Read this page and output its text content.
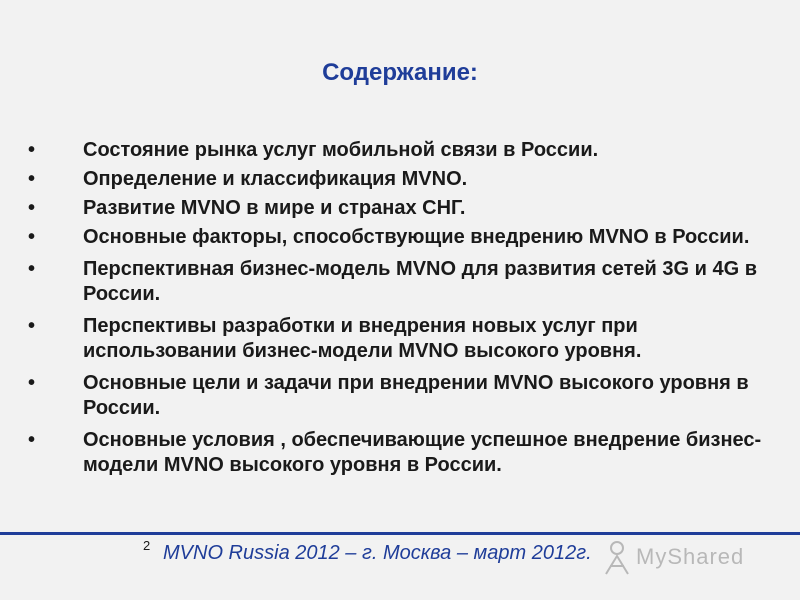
Содержание:
• Состояние рынка услуг мобильной связи в России.
• Определение и классификация MVNO.
• Развитие MVNO в мире и странах СНГ.
• Основные факторы, способствующие внедрению MVNO в России.
• Перспективная бизнес-модель MVNO для развития сетей 3G и 4G в России.
• Перспективы разработки и внедрения новых услуг при использовании бизнес-модели MVNO высокого уровня.
• Основные цели и задачи при внедрении MVNO высокого уровня в России.
• Основные условия , обеспечивающие успешное внедрение бизнес-модели MVNO высокого уровня в России.
2 MVNO Russia 2012 – г. Москва – март 2012г. MyShared
